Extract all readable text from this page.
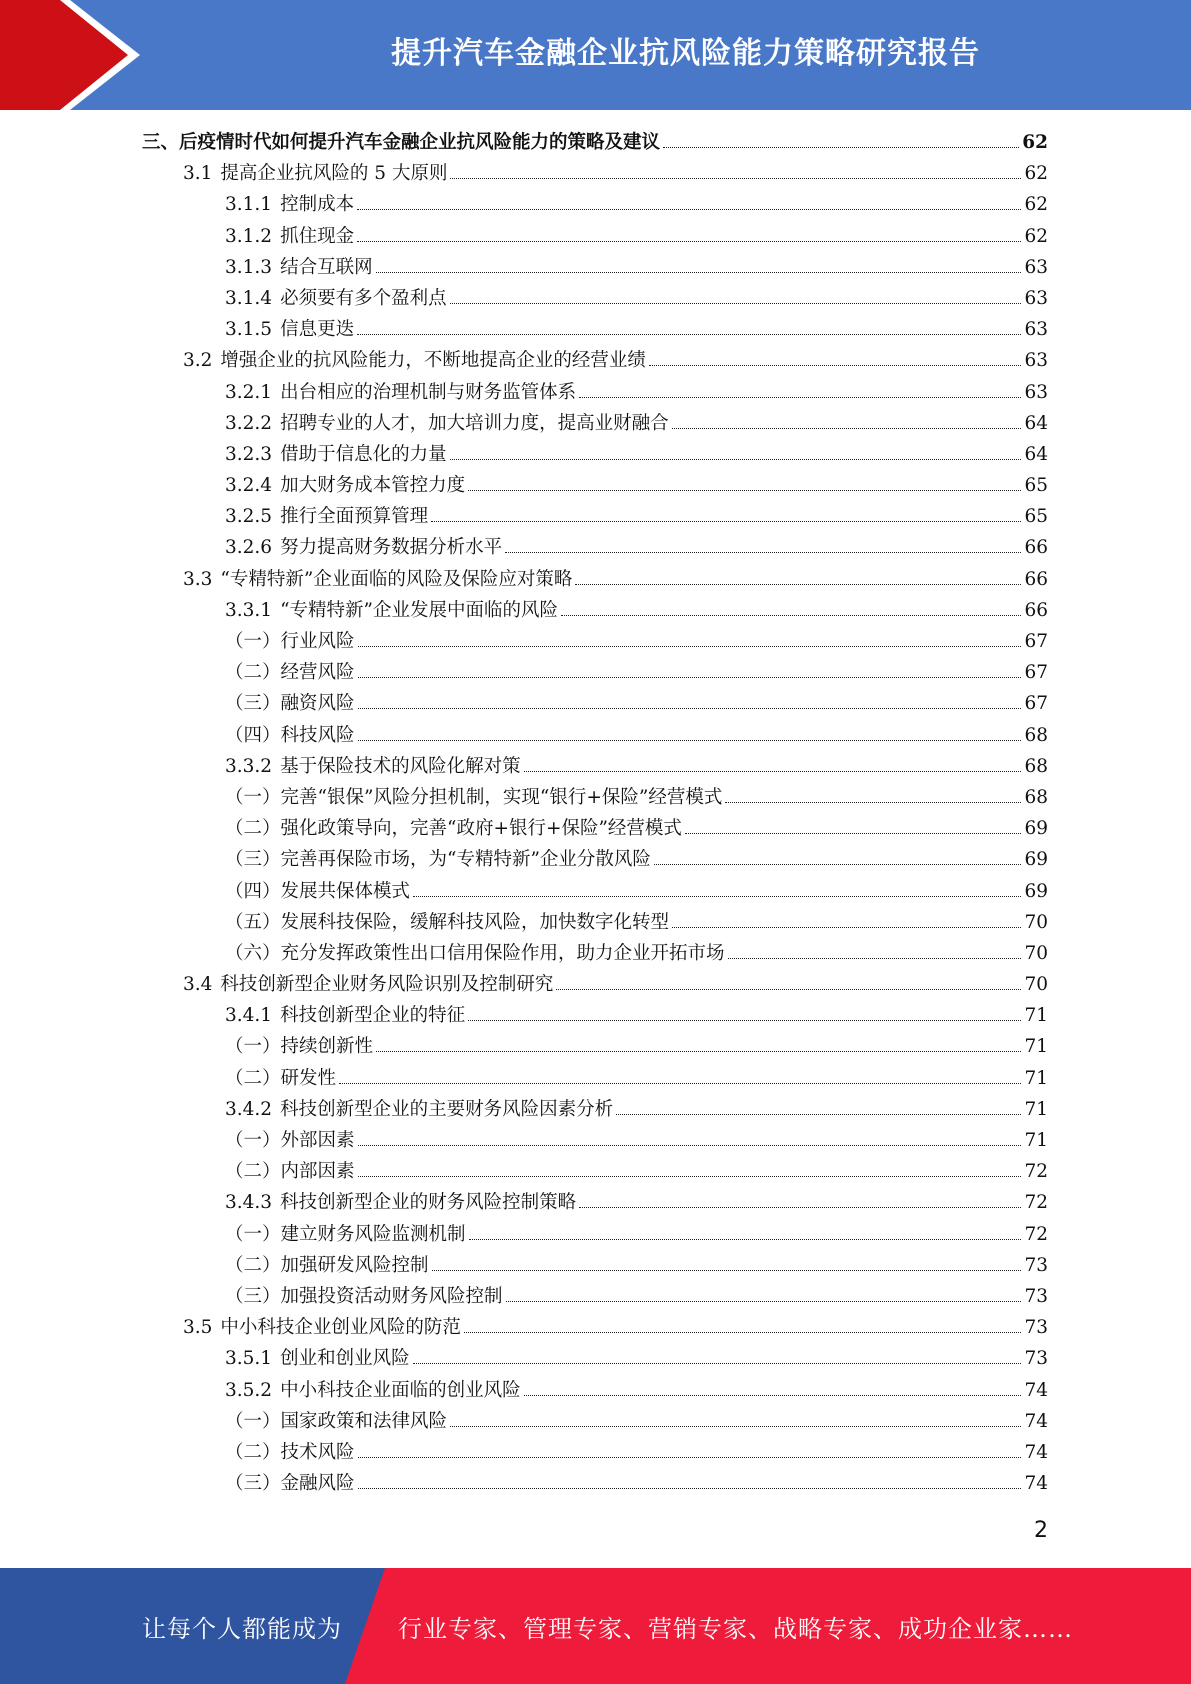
提升汽车金融企业抗风险能力策略研究报告
三、后疫情时代如何提升汽车金融企业抗风险能力的策略及建议	62
3.1 提高企业抗风险的 5 大原则	62
3.1.1 控制成本	62
3.1.2 抓住现金	62
3.1.3 结合互联网	63
3.1.4 必须要有多个盈利点	63
3.1.5 信息更迭	63
3.2 增强企业的抗风险能力，不断地提高企业的经营业绩	63
3.2.1 出台相应的治理机制与财务监管体系	63
3.2.2 招聘专业的人才，加大培训力度，提高业财融合	64
3.2.3 借助于信息化的力量	64
3.2.4 加大财务成本管控力度	65
3.2.5 推行全面预算管理	65
3.2.6 努力提高财务数据分析水平	66
3.3 “专精特新”企业面临的风险及保险应对策略	66
3.3.1 “专精特新”企业发展中面临的风险	66
（一）行业风险	67
（二）经营风险	67
（三）融资风险	67
（四）科技风险	68
3.3.2 基于保险技术的风险化解对策	68
（一）完善“银保”风险分担机制，实现“银行+保险”经营模式	68
（二）强化政策导向，完善“政府+银行+保险”经营模式	69
（三）完善再保险市场，为“专精特新”企业分散风险	69
（四）发展共保体模式	69
（五）发展科技保险，缓解科技风险，加快数字化转型	70
（六）充分发挥政策性出口信用保险作用，助力企业开拓市场	70
3.4 科技创新型企业财务风险识别及控制研究	70
3.4.1 科技创新型企业的特征	71
（一）持续创新性	71
（二）研发性	71
3.4.2 科技创新型企业的主要财务风险因素分析	71
（一）外部因素	71
（二）内部因素	72
3.4.3 科技创新型企业的财务风险控制策略	72
（一）建立财务风险监测机制	72
（二）加强研发风险控制	73
（三）加强投资活动财务风险控制	73
3.5 中小科技企业创业风险的防范	73
3.5.1 创业和创业风险	73
3.5.2 中小科技企业面临的创业风险	74
（一）国家政策和法律风险	74
（二）技术风险	74
（三）金融风险	74
2
让每个人都能成为 行业专家、管理专家、营销专家、战略专家、成功企业家……
